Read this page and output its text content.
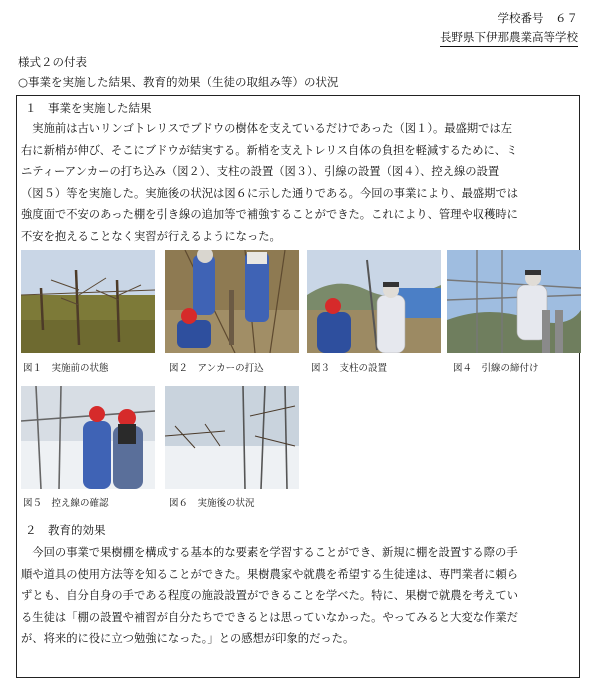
学校番号　６７
長野県下伊那農業高等学校
様式２の付表
○事業を実施した結果、教育的効果（生徒の取組み等）の状況
１　事業を実施した結果
　実施前は古いリンゴトレリスでブドウの樹体を支えているだけであった（図１）。最盛期では左
右に新梢が伸び、そこにブドウが結実する。新梢を支えトレリス自体の負担を軽減するために、ミ
ニティーアンカーの打ち込み（図２）、支柱の設置（図３）、引線の設置（図４）、控え線の設置
（図５）等を実施した。実施後の状況は図６に示した通りである。今回の事業により、最盛期では
強度面で不安のあった棚を引き線の追加等で補強することができた。これにより、管理や収穫時に
不安を抱えることなく実習が行えるようになった。
図１　実施前の状態	図２　アンカーの打込	図３　支柱の設置	図４　引線の締付け
図５　控え線の確認	図６　実施後の状況
２　教育的効果
　今回の事業で果樹棚を構成する基本的な要素を学習することができ、新規に棚を設置する際の手
順や道具の使用方法等を知ることができた。果樹農家や就農を希望する生徒達は、専門業者に頼ら
ずとも、自分自身の手である程度の施設設置ができることを学べた。特に、果樹で就農を考えてい
る生徒は「棚の設置や補習が自分たちでできるとは思っていなかった。やってみると大変な作業だ
が、将来的に役に立つ勉強になった。」との感想が印象的だった。
